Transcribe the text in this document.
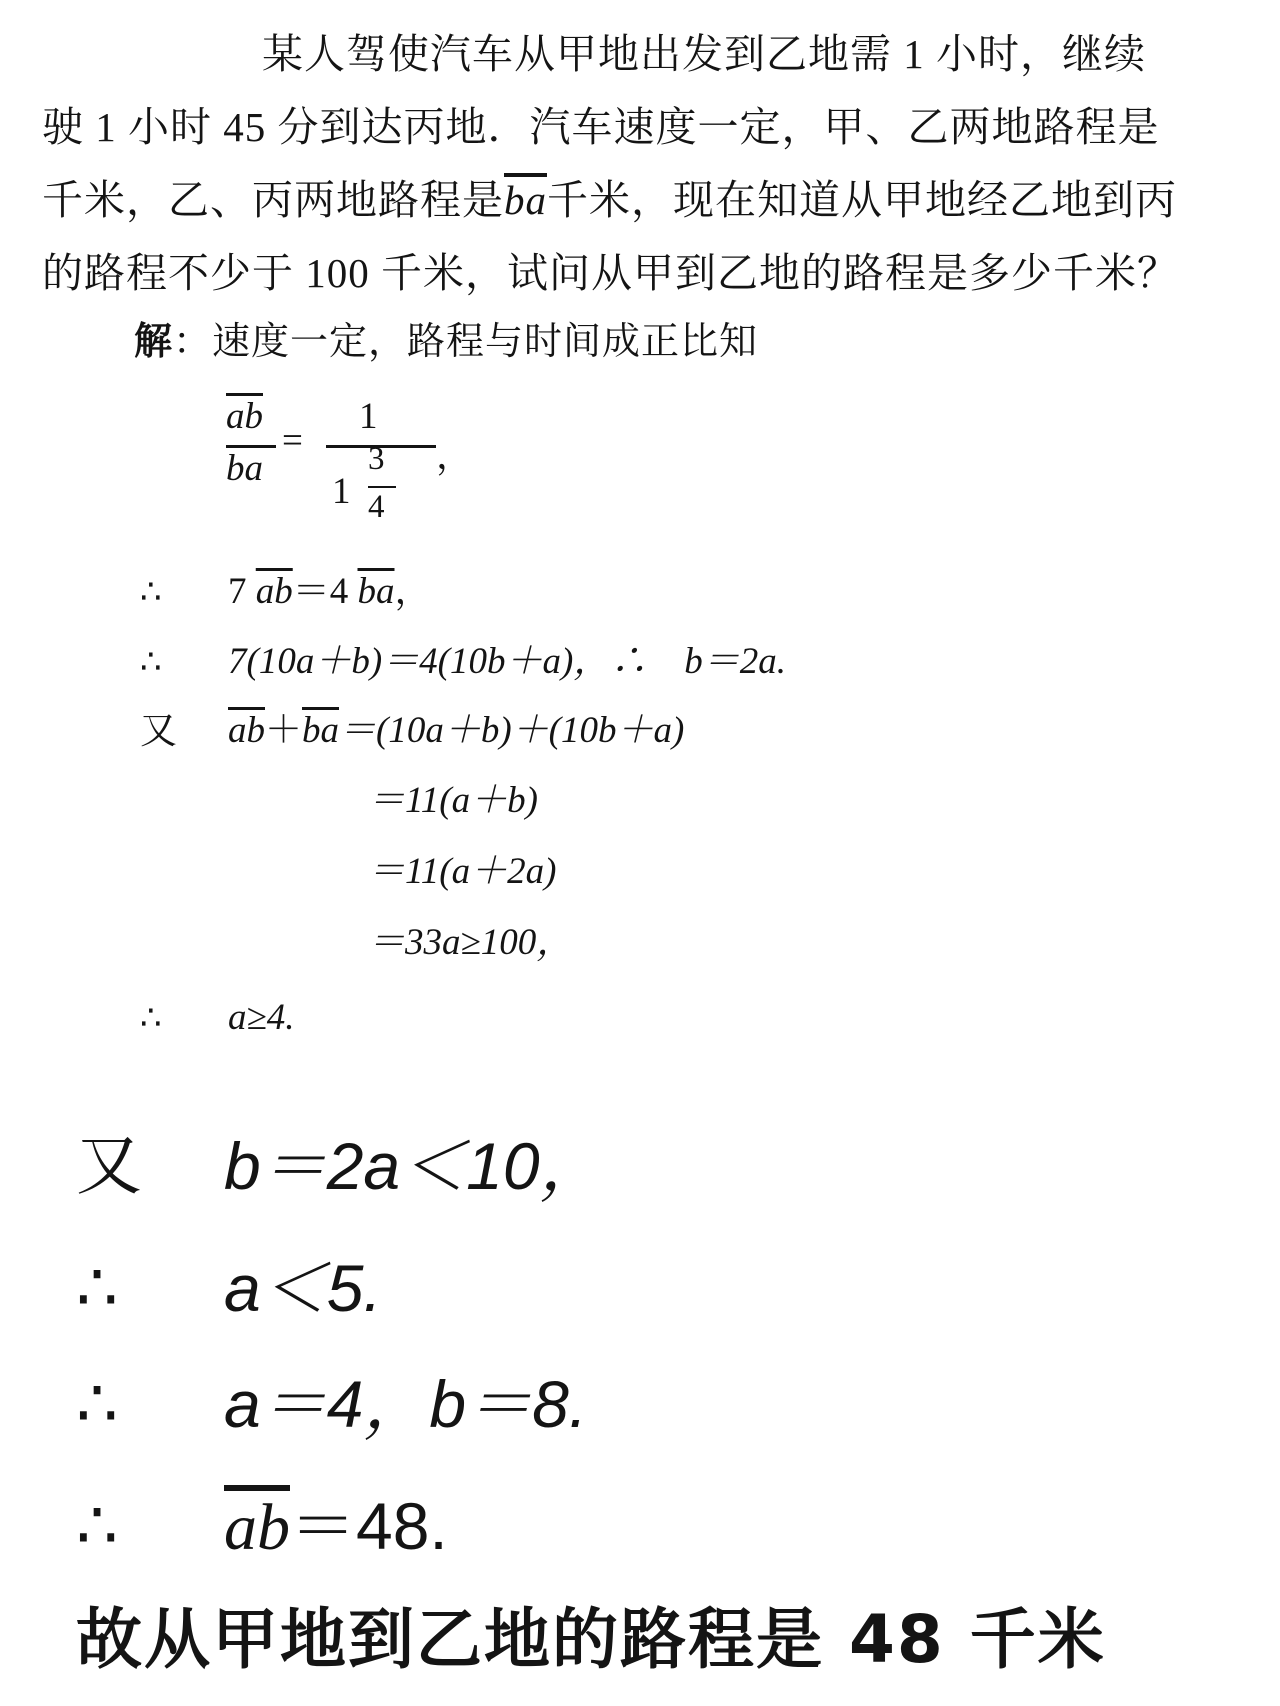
某人驾使汽车从甲地出发到乙地需 1 小时，继续
驶 1 小时 45 分到达丙地．汽车速度一定，甲、乙两地路程是
千米，乙、丙两地路程是$\overline{ba}$千米，现在知道从甲地经乙地到丙
的路程不少于 100 千米，试问从甲到乙地的路程是多少千米？
解：速度一定，路程与时间成正比知
$\overline{ab}$
$\overline{ba}$
=
1
1
3
4
，
∴ 7 $\overline{ab}=4$ $\overline{ba}$，
∴ 7(10a＋b)＝4(10b＋a)，∴　b＝2a.
又 $\overline{ab}+\overline{ba}=(10a+b)+(10b+a)$
＝11(a＋b)
＝11(a＋2a)
＝33a≥100，
∴ a≥4.
又 b＝2a＜10，
∴ a＜5.
∴ a＝4，b＝8.
∴ $\overline{ab}=48$.
故从甲地到乙地的路程是 48 千米
